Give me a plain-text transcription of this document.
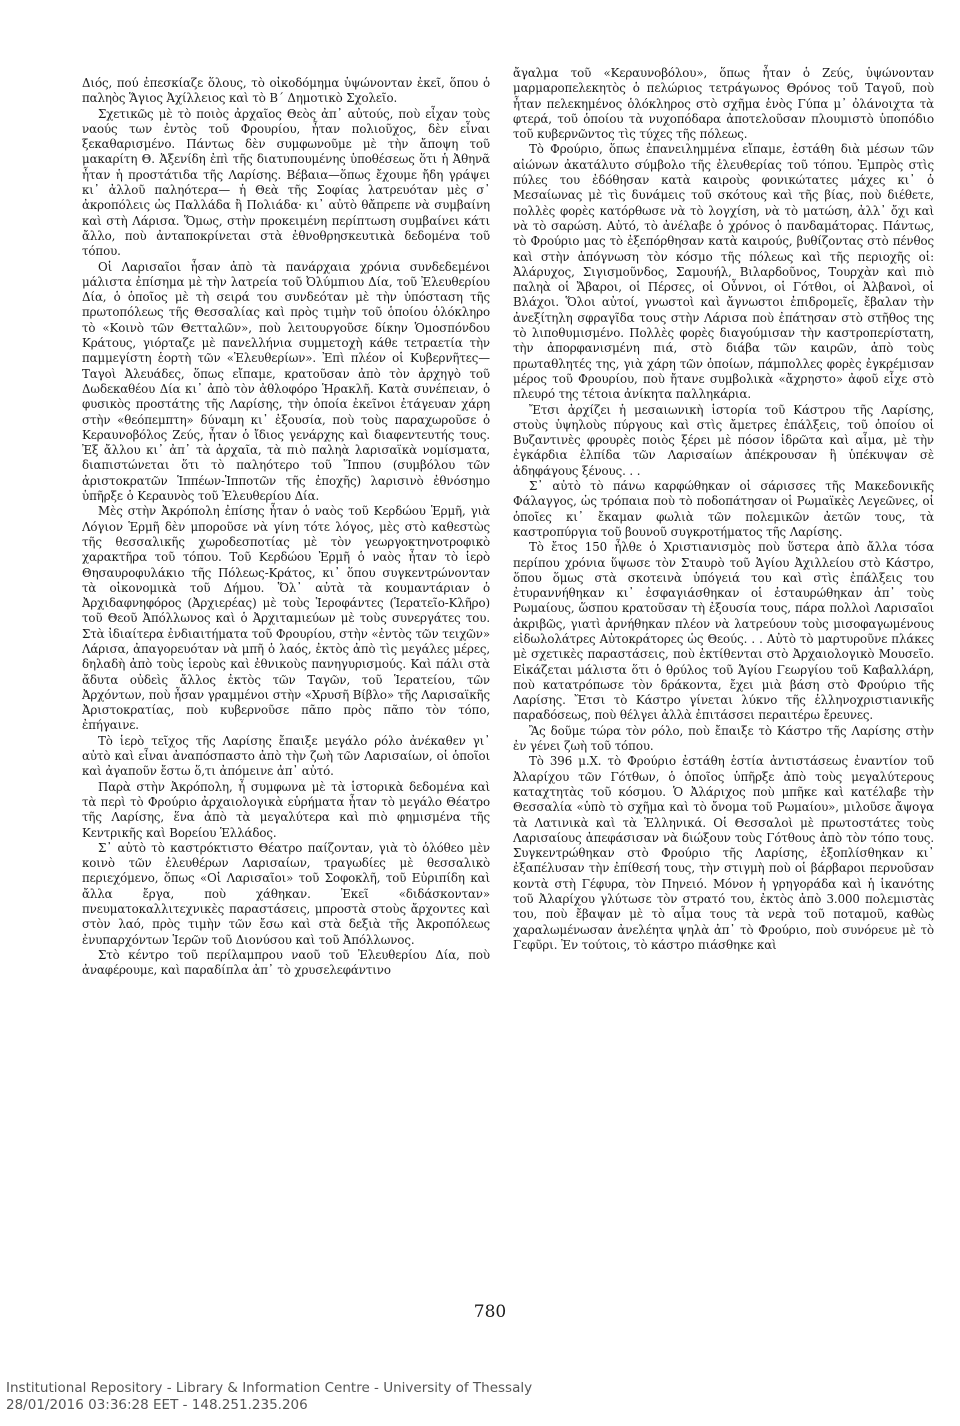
Διός, πού ἐπεσκίαζε ὅλους, τὸ οἰκοδόμημα ὑψώνονταν ἐκεῖ, ὅπου ὁ παληὸς Ἅγιος Ἀχίλλειος καὶ τὸ Β΄ Δημοτικὸ Σχολεῖο.

Σχετικῶς μὲ τὸ ποιὸς ἀρχαῖος Θεὸς ἀπ᾿ αὐτούς, ποὺ εἶχαν τοὺς ναούς των ἐντὸς τοῦ Φρουρίου, ἦταν πολιοῦχος, δὲν εἶναι ξεκαθαρισμένο. Πάντως δὲν συμφωνοῦμε μὲ τὴν ἄποψη τοῦ μακαρίτη Θ. Ἀξενίδη ἐπὶ τῆς διατυπουμένης ὑποθέσεως ὅτι ἡ Ἀθηνᾶ ἦταν ἡ προστάτιδα τῆς Λαρίσης. Βέβαια—ὅπως ἔχουμε ἤδη γράψει κι᾿ ἀλλοῦ παληότερα— ἡ Θεὰ τῆς Σοφίας λατρευόταν μὲς σ᾿ ἀκροπόλεις ὡς Παλλάδα ἢ Πολιάδα· κι᾿ αὐτὸ θἄπρεπε νὰ συμβαίνη καὶ στὴ Λάρισα. Ὅμως, στὴν προκειμένη περίπτωση συμβαίνει κάτι ἄλλο, ποὺ ἀνταποκρίνεται στὰ ἐθνοθρησκευτικὰ δεδομένα τοῦ τόπου.

Οἱ Λαρισαῖοι ἦσαν ἀπὸ τὰ πανάρχαια χρόνια συνδεδεμένοι μάλιστα ἐπίσημα μὲ τὴν λατρεία τοῦ Ὀλύμπιου Δία, τοῦ Ἐλευθερίου Δία, ὁ ὁποῖος μὲ τὴ σειρά του συνδεόταν μὲ τὴν ὑπόσταση τῆς πρωτοπόλεως τῆς Θεσσαλίας καὶ πρὸς τιμὴν τοῦ ὁποίου ὁλόκληρο τὸ «Κοινὸ τῶν Θετταλῶν», ποὺ λειτουργοῦσε δίκην Ὁμοσπόνδου Κράτους, γιόρταζε μὲ πανελλήνια συμμετοχὴ κάθε τετραετία τὴν παμμεγίστη ἑορτὴ τῶν «Ἐλευθερίων». Ἐπὶ πλέον οἱ Κυβερνῆτες—Ταγοὶ Ἀλευάδες, ὅπως εἴπαμε, κρατοῦσαν ἀπὸ τὸν ἀρχηγὸ τοῦ Δωδεκαθέου Δία κι᾿ ἀπὸ τὸν ἀθλοφόρο Ἡρακλῆ. Κατὰ συνέπειαν, ὁ φυσικὸς προστάτης τῆς Λαρίσης, τὴν ὁποία ἐκεῖνοι ἐτάγευαν χάρη στὴν «θεόπεμπτη» δύναμη κι᾿ ἐξουσία, ποὺ τοὺς παραχωροῦσε ὁ Κεραυνοβόλος Ζεύς, ἦταν ὁ ἴδιος γενάρχης καὶ διαφεντευτής τους. Ἐξ ἄλλου κι᾿ ἀπ᾿ τὰ ἀρχαῖα, τὰ πιὸ παληὰ λαρισαϊκὰ νομίσματα, διαπιστώνεται ὅτι τὸ παληότερο τοῦ Ἵππου (συμβόλου τῶν ἀριστοκρατῶν Ἱππέων-Ἱπποτῶν τῆς ἐποχῆς) λαρισινὸ ἐθνόσημο ὑπῆρξε ὁ Κεραυνὸς τοῦ Ἐλευθερίου Δία.

Μὲς στὴν Ἀκρόπολη ἐπίσης ἦταν ὁ ναὸς τοῦ Κερδώου Ἑρμῆ, γιὰ Λόγιον Ἑρμῆ δὲν μποροῦσε νὰ γίνη τότε λόγος, μὲς στὸ καθεστὼς τῆς θεσσαλικῆς χωροδεσποτίας μὲ τὸν γεωργοκτηνοτροφικὸ χαρακτῆρα τοῦ τόπου. Τοῦ Κερδώου Ἑρμῆ ὁ ναὸς ἦταν τὸ ἱερὸ Θησαυροφυλάκιο τῆς Πόλεως-Κράτος, κι᾿ ὅπου συγκεντρώνονταν τὰ οἰκονομικὰ τοῦ Δήμου. Ὅλ᾿ αὐτὰ τὰ κουμαντάριαν ὁ Ἀρχιδαφνηφόρος (Ἀρχιερέας) μὲ τοὺς Ἱεροφάντες (Ἱερατεῖο-Κλῆρο) τοῦ Θεοῦ Ἀπόλλωνος καὶ ὁ Ἀρχιταμιεύων μὲ τοὺς συνεργάτες του. Στὰ ἰδιαίτερα ἐνδιαιτήματα τοῦ Φρουρίου, στὴν «ἐντὸς τῶν τειχῶν» Λάρισα, ἀπαγορευόταν νὰ μπῆ ὁ λαός, ἐκτὸς ἀπὸ τὶς μεγάλες μέρες, δηλαδὴ ἀπὸ τοὺς ἱεροὺς καὶ ἐθνικοὺς πανηγυρισμούς. Καὶ πάλι στὰ ἄδυτα οὐδεὶς ἄλλος ἐκτὸς τῶν Ταγῶν, τοῦ Ἱερατείου, τῶν Ἀρχόντων, ποὺ ἦσαν γραμμένοι στὴν «Χρυσῆ Βίβλο» τῆς Λαρισαϊκῆς Ἀριστοκρατίας, ποὺ κυβερνοῦσε πᾶπο πρὸς πᾶπο τὸν τόπο, ἐπήγαινε.

Τὸ ἱερὸ τεῖχος τῆς Λαρίσης ἔπαιξε μεγάλο ρόλο ἀνέκαθεν γι᾿ αὐτὸ καὶ εἶναι ἀναπόσπαστο ἀπὸ τὴν ζωὴ τῶν Λαρισαίων, οἱ ὁποῖοι καὶ ἀγαποῦν ἔστω ὅ,τι ἀπόμεινε ἀπ᾿ αὐτό.

Παρὰ στὴν Ἀκρόπολη, ἦ συμφωνα μὲ τὰ ἱστορικὰ δεδομένα καὶ τὰ περὶ τὸ Φρούριο ἀρχαιολογικὰ εὑρήματα ἦταν τὸ μεγάλο Θέατρο τῆς Λαρίσης, ἕνα ἀπὸ τὰ μεγαλύτερα καὶ πιὸ φημισμένα τῆς Κεντρικῆς καὶ Βορείου Ἑλλάδος.

Σ᾿ αὐτὸ τὸ καστρόκτιστο Θέατρο παίζονταν, γιὰ τὸ ὁλόθεο μὲν κοινὸ τῶν ἐλευθέρων Λαρισαίων, τραγωδίες μὲ θεσσαλικὸ περιεχόμενο, ὅπως «Οἱ Λαρισαῖοι» τοῦ Σοφοκλῆ, τοῦ Εὐριπίδη καὶ ἄλλα ἔργα, ποὺ χάθηκαν. Ἐκεῖ «διδάσκονταν» πνευματοκαλλιτεχνικὲς παραστάσεις, μπροστὰ στοὺς ἄρχοντες καὶ στὸν λαό, πρὸς τιμὴν τῶν ἔσω καὶ στὰ δεξιὰ τῆς Ἀκροπόλεως ἐνυπαρχόντων Ἱερῶν τοῦ Διονύσου καὶ τοῦ Ἀπόλλωνος.

Στὸ κέντρο τοῦ περίλαμπρου ναοῦ τοῦ Ἐλευθερίου Δία, ποὺ ἀναφέρουμε, καὶ παραδίπλα ἀπ᾿ τὸ χρυσελεφάντινο

ἄγαλμα τοῦ «Κεραυνοβόλου», ὅπως ἦταν ὁ Ζεύς, ὑψώνονταν μαρμαροπελεκητὸς ὁ πελώριος τετράγωνος Θρόνος τοῦ Ταγοῦ, ποὺ ἦταν πελεκημένος ὁλόκληρος στὸ σχῆμα ἑνὸς Γύπα μ᾿ ὀλάνοιχτα τὰ φτερά, τοῦ ὁποίου τὰ νυχοπόδαρα ἀποτελοῦσαν πλουμιστὸ ὑποπόδιο τοῦ κυβερνῶντος τὶς τύχες τῆς πόλεως.

Τὸ Φρούριο, ὅπως ἐπανειλημμένα εἴπαμε, ἐστάθη διὰ μέσων τῶν αἰώνων ἀκατάλυτο σύμβολο τῆς ἐλευθερίας τοῦ τόπου. Ἐμπρὸς στὶς πύλες του ἐδόθησαν κατὰ καιροὺς φονικώτατες μάχες κι᾿ ὁ Μεσαίωνας μὲ τὶς δυνάμεις τοῦ σκότους καὶ τῆς βίας, ποὺ διέθετε, πολλὲς φορὲς κατόρθωσε νὰ τὸ λογχίση, νὰ τὸ ματώση, ἀλλ᾿ ὄχι καὶ νὰ τὸ σαρώση. Αὐτό, τὸ ἀνέλαβε ὁ χρόνος ὁ πανδαμάτορας. Πάντως, τὸ Φρούριο μας τὸ ἐξεπόρθησαν κατὰ καιρούς, βυθίζοντας στὸ πένθος καὶ στὴν ἀπόγνωση τὸν κόσμο τῆς πόλεως καὶ τῆς περιοχῆς οἱ: Ἀλάρυχος, Σιγισμοῦνδος, Σαμουήλ, Βιλαρδοῦνος, Τουρχὰν καὶ πιὸ παληὰ οἱ Ἄβαροι, οἱ Πέρσες, οἱ Οὖννοι, οἱ Γότθοι, οἱ Ἀλβανοὶ, οἱ Βλάχοι. Ὅλοι αὐτοί, γνωστοὶ καὶ ἄγνωστοι ἐπιδρομεῖς, ἔβαλαν τὴν ἀνεξίτηλη σφραγῖδα τους στὴν Λάρισα ποὺ ἐπάτησαν στὸ στῆθος της τὸ λιποθυμισμένο. Πολλὲς φορὲς διαγούμισαν τὴν καστροπερίστατη, τὴν ἀπορφανισμένη πιά, στὸ διάβα τῶν καιρῶν, ἀπὸ τοὺς πρωταθλητές της, γιὰ χάρη τῶν ὁποίων, πάμπολλες φορὲς ἐγκρέμισαν μέρος τοῦ Φρουρίου, ποὺ ἤτανε συμβολικὰ «ἄχρηστο» ἀφοῦ εἶχε στὸ πλευρό της τέτοια ἀνίκητα παλληκάρια.

Ἔτσι ἀρχίζει ἡ μεσαιωνικὴ ἱστορία τοῦ Κάστρου τῆς Λαρίσης, στοὺς ὑψηλοὺς πύργους καὶ στὶς ἄμετρες ἐπάλξεις, τοῦ ὁποίου οἱ Βυζαντινὲς φρουρὲς ποιὸς ξέρει μὲ πόσον ἱδρῶτα καὶ αἷμα, μὲ τὴν ἐγκάρδια ἐλπίδα τῶν Λαρισαίων ἀπέκρουσαν ἢ ὑπέκυψαν σὲ ἀδηφάγους ξένους. . .

Σ᾿ αὐτὸ τὸ πάνω καρφώθηκαν οἱ σάρισσες τῆς Μακεδονικῆς Φάλαγγος, ὡς τρόπαια ποὺ τὸ ποδοπάτησαν οἱ Ρωμαϊκὲς Λεγεῶνες, οἱ ὁποῖες κι᾿ ἔκαμαν φωλιὰ τῶν πολεμικῶν ἀετῶν τους, τὰ καστροπύργια τοῦ βουνοῦ συγκροτήματος τῆς Λαρίσης.

Τὸ ἔτος 150 ἦλθε ὁ Χριστιανισμὸς ποὺ ὕστερα ἀπὸ ἄλλα τόσα περίπου χρόνια ὕψωσε τὸν Σταυρὸ τοῦ Ἁγίου Ἀχιλλείου στὸ Κάστρο, ὅπου ὅμως στὰ σκοτεινὰ ὑπόγειά του καὶ στὶς ἐπάλξεις του ἐτυραννήθηκαν κι᾿ ἐσφαγιάσθηκαν οἱ ἐσταυρώθηκαν ἀπ᾿ τοὺς Ρωμαίους, ὥσπου κρατοῦσαν τὴ ἐξουσία τους, πάρα πολλοὶ Λαρισαῖοι ἀκριβῶς, γιατὶ ἀρνήθηκαν πλέον νὰ λατρεύουν τοὺς μισοφαγωμένους εἰδωλολάτρες Αὐτοκράτορες ὡς Θεούς. . . Αὐτὸ τὸ μαρτυροῦνε πλάκες μὲ σχετικὲς παραστάσεις, ποὺ ἐκτίθενται στὸ Ἀρχαιολογικὸ Μουσεῖο. Εἰκάζεται μάλιστα ὅτι ὁ θρύλος τοῦ Ἁγίου Γεωργίου τοῦ Καβαλλάρη, ποὺ κατατρόπωσε τὸν δράκοντα, ἔχει μιὰ βάση στὸ Φρούριο τῆς Λαρίσης. Ἔτσι τὸ Κάστρο γίνεται λύκνο τῆς ἑλληνοχριστιανικῆς παραδόσεως, ποὺ θέλγει ἀλλὰ ἐπιτάσσει περαιτέρω ἔρευνες.

Ἂς δοῦμε τώρα τὸν ρόλο, ποὺ ἔπαιξε τὸ Κάστρο τῆς Λαρίσης στὴν ἐν γένει ζωὴ τοῦ τόπου.

Τὸ 396 μ.Χ. τὸ Φρούριο ἐστάθη ἑστία ἀντιστάσεως ἐναντίον τοῦ Ἀλαρίχου τῶν Γότθων, ὁ ὁποῖος ὑπῆρξε ἀπὸ τοὺς μεγαλύτερους καταχτητὰς τοῦ κόσμου. Ὁ Ἀλάριχος ποὺ μπῆκε καὶ κατέλαβε τὴν Θεσσαλία «ὑπὸ τὸ σχῆμα καὶ τὸ ὄνομα τοῦ Ρωμαίου», μιλοῦσε ἄψογα τὰ Λατινικὰ καὶ τὰ Ἑλληνικά. Οἱ Θεσσαλοὶ μὲ πρωτοστάτες τοὺς Λαρισαίους ἀπεφάσισαν νὰ διώξουν τοὺς Γότθους ἀπὸ τὸν τόπο τους. Συγκεντρώθηκαν στὸ Φρούριο τῆς Λαρίσης, ἐξοπλίσθηκαν κι᾿ ἐξαπέλυσαν τὴν ἐπίθεσή τους, τὴν στιγμὴ ποὺ οἱ βάρβαροι περνοῦσαν κοντὰ στὴ Γέφυρα, τὸν Πηνειό. Μόνον ἡ γρηγοράδα καὶ ἡ ἱκανότης τοῦ Ἀλαρίχου γλύτωσε τὸν στρατό του, ἐκτὸς ἀπὸ 3.000 πολεμιστὰς του, ποὺ ἔβαψαν μὲ τὸ αἷμα τους τὰ νερὰ τοῦ ποταμοῦ, καθὼς χαραλωμένωσαν ἀνελέητα ψηλὰ ἀπ᾿ τὸ Φρούριο, ποὺ συνόρευε μὲ τὸ Γεφῦρι. Ἐν τούτοις, τὸ κάστρο πιάσθηκε καὶ

780
Institutional Repository - Library & Information Centre - University of Thessaly
28/01/2016 03:36:28 EET - 148.251.235.206
